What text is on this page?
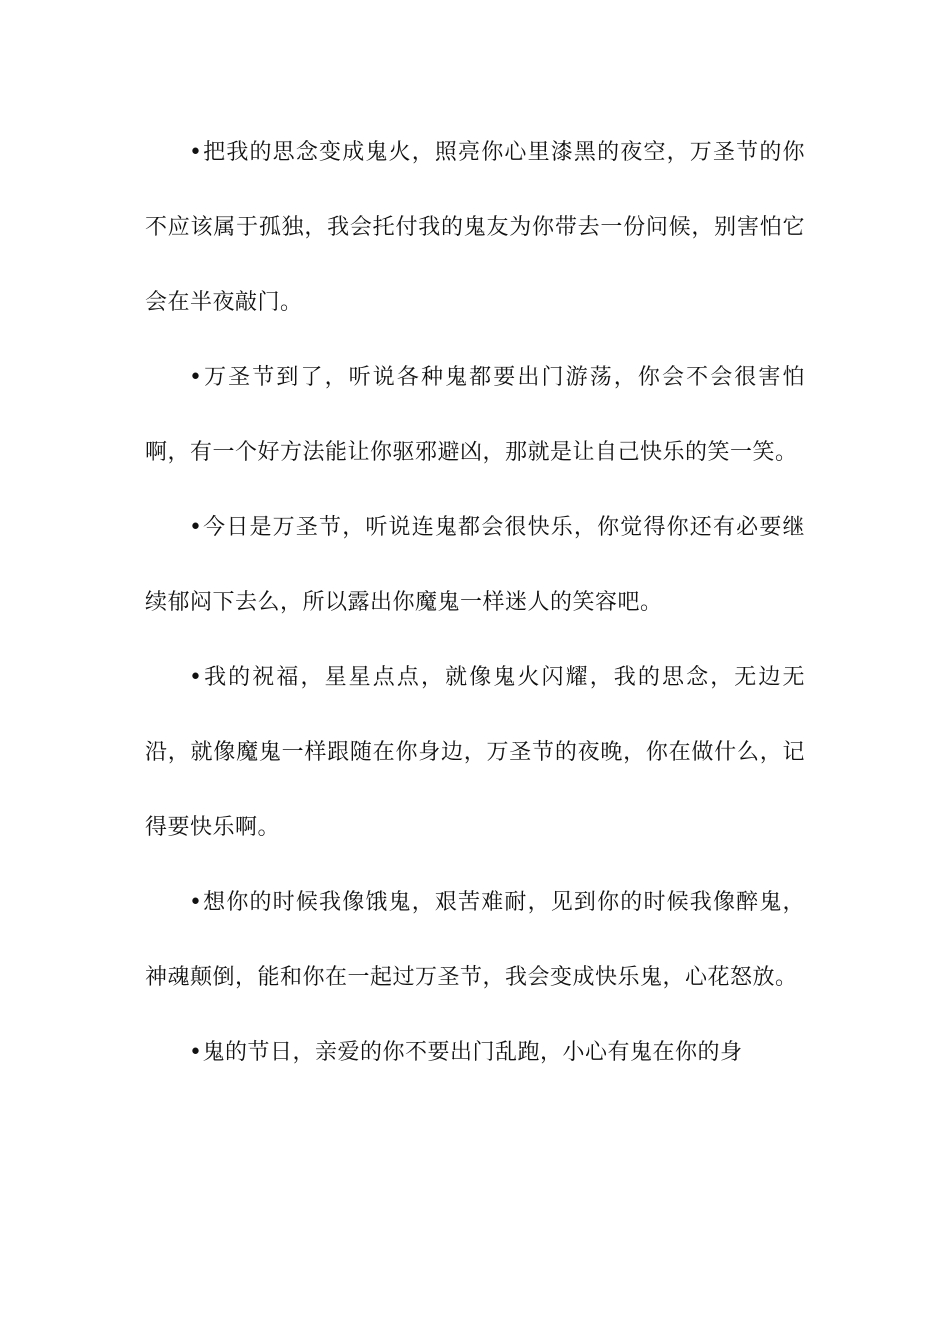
•把我的思念变成鬼火，照亮你心里漆黑的夜空，万圣节的你不应该属于孤独，我会托付我的鬼友为你带去一份问候，别害怕它会在半夜敲门。

•万圣节到了，听说各种鬼都要出门游荡，你会不会很害怕啊，有一个好方法能让你驱邪避凶，那就是让自己快乐的笑一笑。

•今日是万圣节，听说连鬼都会很快乐，你觉得你还有必要继续郁闷下去么，所以露出你魔鬼一样迷人的笑容吧。

•我的祝福，星星点点，就像鬼火闪耀，我的思念，无边无沿，就像魔鬼一样跟随在你身边，万圣节的夜晚，你在做什么，记得要快乐啊。

•想你的时候我像饿鬼，艰苦难耐，见到你的时候我像醉鬼，神魂颠倒，能和你在一起过万圣节，我会变成快乐鬼，心花怒放。

•鬼的节日，亲爱的你不要出门乱跑，小心有鬼在你的身
